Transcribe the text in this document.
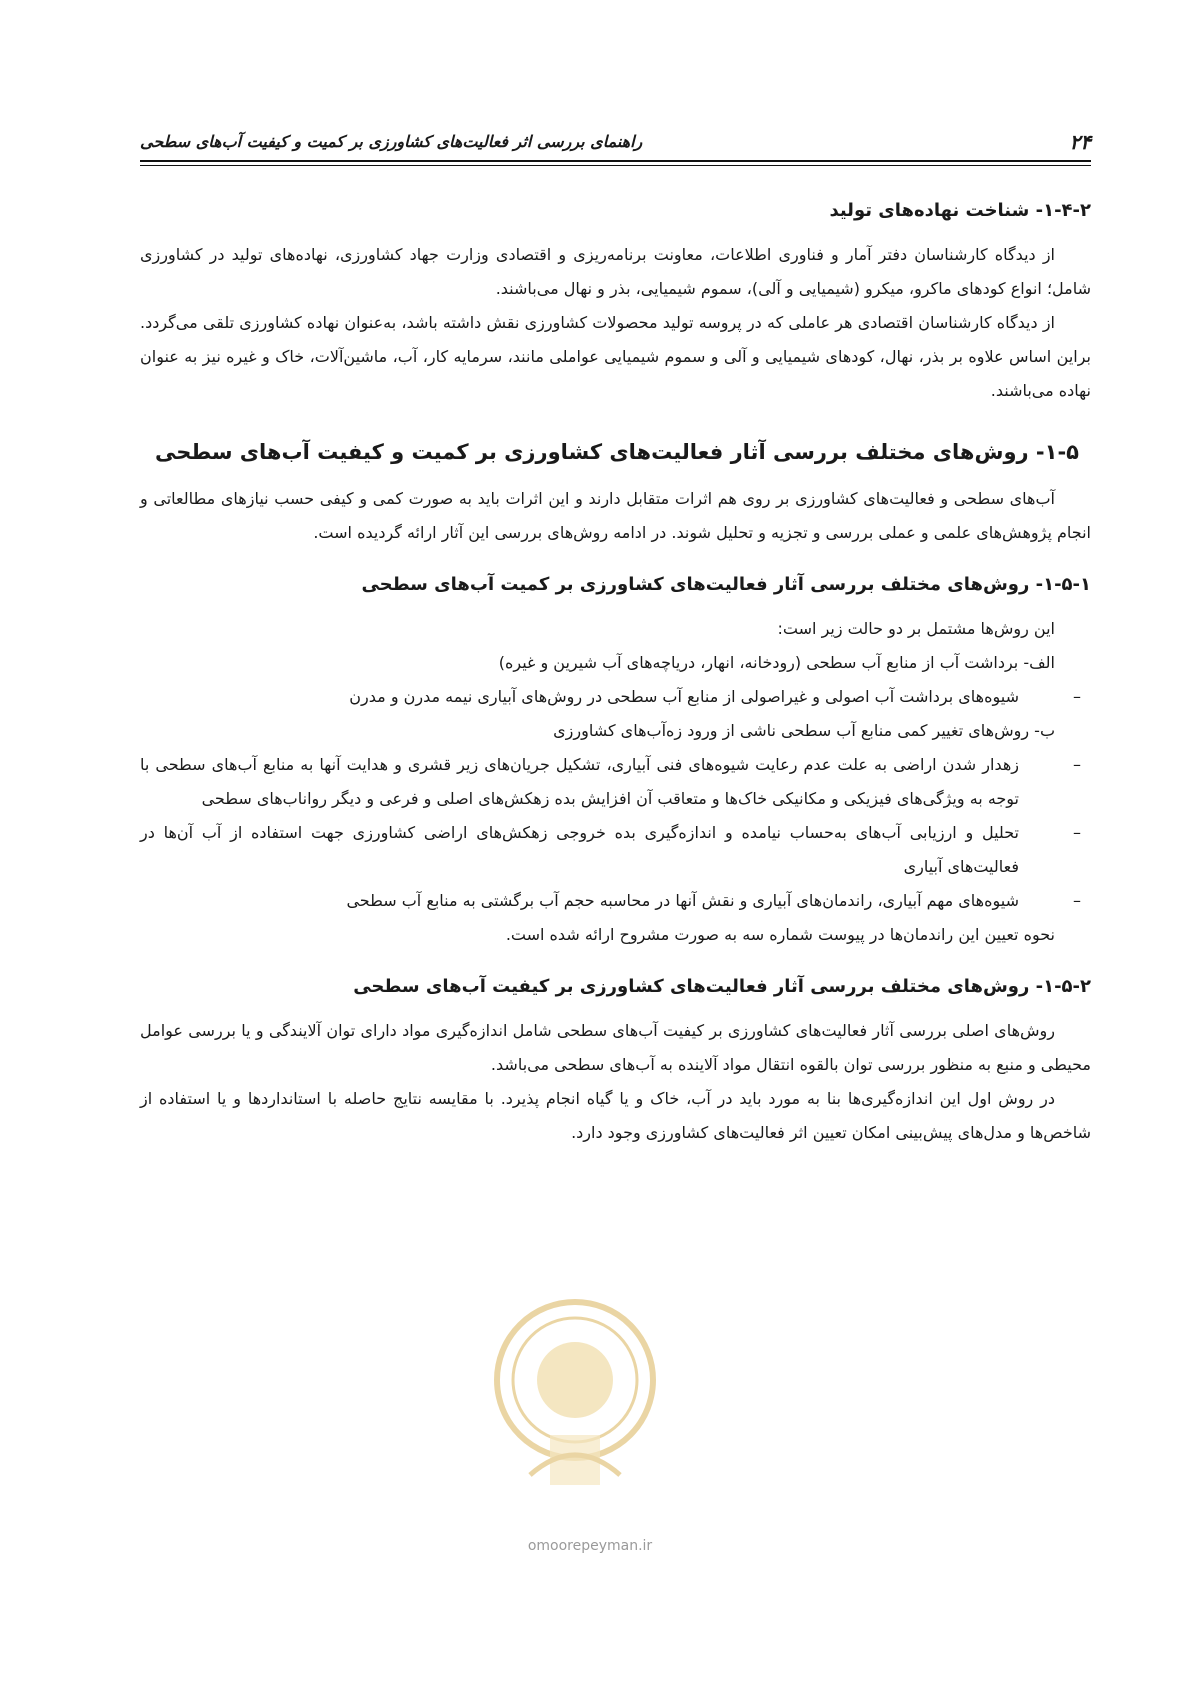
۲۴
راهنمای بررسی اثر فعالیت‌های کشاورزی بر کمیت و کیفیت آب‌های سطحی
۱-۴-۲- شناخت نهاده‌های تولید

از دیدگاه کارشناسان دفتر آمار و فناوری اطلاعات، معاونت برنامه‌ریزی و اقتصادی وزارت جهاد کشاورزی، نهاده‌های تولید در کشاورزی شامل؛ انواع کودهای ماکرو، میکرو (شیمیایی و آلی)، سموم شیمیایی، بذر و نهال می‌باشند.

از دیدگاه کارشناسان اقتصادی هر عاملی که در پروسه تولید محصولات کشاورزی نقش داشته باشد، به‌عنوان نهاده کشاورزی تلقی می‌گردد. براین اساس علاوه بر بذر، نهال، کودهای شیمیایی و آلی و سموم شیمیایی عواملی مانند، سرمایه کار، آب، ماشین‌آلات، خاک و غیره نیز به عنوان نهاده می‌باشند.

۱-۵- روش‌های مختلف بررسی آثار فعالیت‌های کشاورزی بر کمیت و کیفیت آب‌های سطحی

آب‌های سطحی و فعالیت‌های کشاورزی بر روی هم اثرات متقابل دارند و این اثرات باید به صورت کمی و کیفی حسب نیازهای مطالعاتی و انجام پژوهش‌های علمی و عملی بررسی و تجزیه و تحلیل شوند. در ادامه روش‌های بررسی این آثار ارائه گردیده است.

۱-۵-۱- روش‌های مختلف بررسی آثار فعالیت‌های کشاورزی بر کمیت آب‌های سطحی

این روش‌ها مشتمل بر دو حالت زیر است:

الف- برداشت آب از منابع آب سطحی (رودخانه، انهار، دریاچه‌های آب شیرین و غیره)

– شیوه‌های برداشت آب اصولی و غیراصولی از منابع آب سطحی در روش‌های آبیاری نیمه مدرن و مدرن

ب- روش‌های تغییر کمی منابع آب سطحی ناشی از ورود زه‌آب‌های کشاورزی

– زهدار شدن اراضی به علت عدم رعایت شیوه‌های فنی آبیاری، تشکیل جریان‌های زیر قشری و هدایت آنها به منابع آب‌های سطحی با توجه به ویژگی‌های فیزیکی و مکانیکی خاک‌ها و متعاقب آن افزایش بده زهکش‌های اصلی و فرعی و دیگر رواناب‌های سطحی

– تحلیل و ارزیابی آب‌های به‌حساب نیامده و اندازه‌گیری بده خروجی زهکش‌های اراضی کشاورزی جهت استفاده از آب آن‌ها در فعالیت‌های آبیاری

– شیوه‌های مهم آبیاری، راندمان‌های آبیاری و نقش آنها در محاسبه حجم آب برگشتی به منابع آب سطحی

نحوه تعیین این راندمان‌ها در پیوست شماره سه به صورت مشروح ارائه شده است.

۱-۵-۲- روش‌های مختلف بررسی آثار فعالیت‌های کشاورزی بر کیفیت آب‌های سطحی

روش‌های اصلی بررسی آثار فعالیت‌های کشاورزی بر کیفیت آب‌های سطحی شامل اندازه‌گیری مواد دارای توان آلایندگی و یا بررسی عوامل محیطی و منبع به منظور بررسی توان بالقوه انتقال مواد آلاینده به آب‌های سطحی می‌باشد.

در روش اول این اندازه‌گیری‌ها بنا به مورد باید در آب، خاک و یا گیاه انجام پذیرد. با مقایسه نتایج حاصله با استانداردها و یا استفاده از شاخص‌ها و مدل‌های پیش‌بینی امکان تعیین اثر فعالیت‌های کشاورزی وجود دارد.

omoorepeyman.ir
